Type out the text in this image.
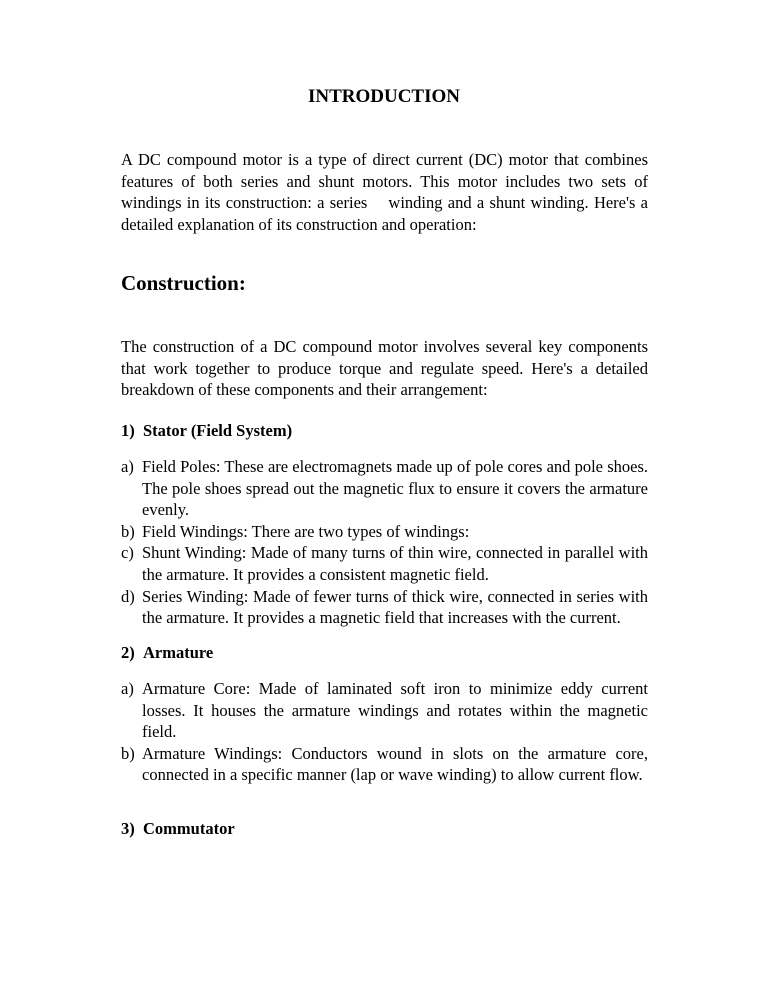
INTRODUCTION

A DC compound motor is a type of direct current (DC) motor that combines features of both series and shunt motors. This motor includes two sets of windings in its construction: a series    winding and a shunt winding. Here's a detailed explanation of its construction and operation:

Construction:

The construction of a DC compound motor involves several key components that work together to produce torque and regulate speed. Here's a detailed breakdown of these components and their arrangement:

1) Stator (Field System)
a) Field Poles: These are electromagnets made up of pole cores and pole shoes. The pole shoes spread out the magnetic flux to ensure it covers the armature evenly.
b) Field Windings: There are two types of windings:
c) Shunt Winding: Made of many turns of thin wire, connected in parallel with the armature. It provides a consistent magnetic field.
d) Series Winding: Made of fewer turns of thick wire, connected in series with the armature. It provides a magnetic field that increases with the current.
2) Armature
a) Armature Core: Made of laminated soft iron to minimize eddy current losses. It houses the armature windings and rotates within the magnetic field.
b) Armature Windings: Conductors wound in slots on the armature core, connected in a specific manner (lap or wave winding) to allow current flow.
3) Commutator
